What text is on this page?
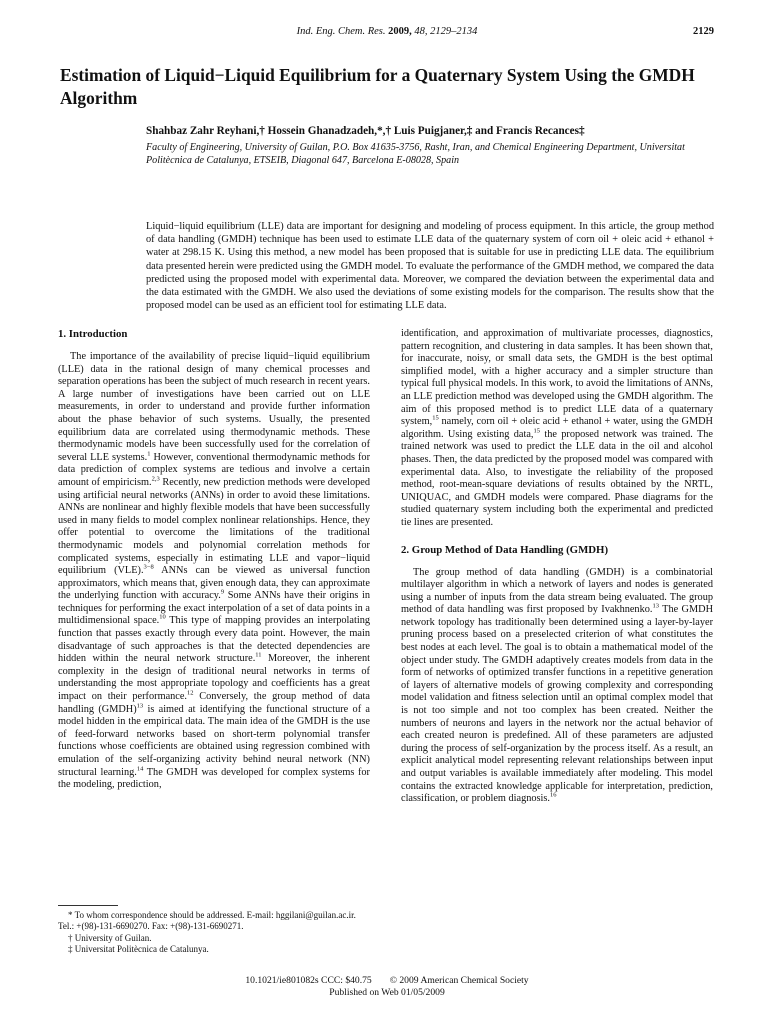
Ind. Eng. Chem. Res. 2009, 48, 2129–2134	2129
Estimation of Liquid−Liquid Equilibrium for a Quaternary System Using the GMDH Algorithm
Shahbaz Zahr Reyhani,† Hossein Ghanadzadeh,*,† Luis Puigjaner,‡ and Francis Recances‡
Faculty of Engineering, University of Guilan, P.O. Box 41635-3756, Rasht, Iran, and Chemical Engineering Department, Universitat Politècnica de Catalunya, ETSEIB, Diagonal 647, Barcelona E-08028, Spain
Liquid−liquid equilibrium (LLE) data are important for designing and modeling of process equipment. In this article, the group method of data handling (GMDH) technique has been used to estimate LLE data of the quaternary system of corn oil + oleic acid + ethanol + water at 298.15 K. Using this method, a new model has been proposed that is suitable for use in predicting LLE data. The equilibrium data presented herein were predicted using the GMDH model. To evaluate the performance of the GMDH method, we compared the data predicted using the proposed model with experimental data. Moreover, we compared the deviation between the experimental data and the data estimated with the GMDH. We also used the deviations of some existing models for the comparison. The results show that the proposed model can be used as an efficient tool for estimating LLE data.
1. Introduction

The importance of the availability of precise liquid−liquid equilibrium (LLE) data in the rational design of many chemical processes and separation operations has been the subject of much research in recent years. A large number of investigations have been carried out on LLE measurements, in order to understand and provide further information about the phase behavior of such systems. Usually, the presented equilibrium data are correlated using thermodynamic methods. These thermodynamic models have been successfully used for the correlation of several LLE systems.$^1$ However, conventional thermodynamic methods for data prediction of complex systems are tedious and involve a certain amount of empiricism.$^{2,3}$ Recently, new prediction methods were developed using artificial neural networks (ANNs) in order to avoid these limitations. ANNs are nonlinear and highly flexible models that have been successfully used in many fields to model complex nonlinear relationships. Hence, they offer potential to overcome the limitations of the traditional thermodynamic models and polynomial correlation methods for complicated systems, especially in estimating LLE and vapor−liquid equilibrium (VLE).$^{3-8}$ ANNs can be viewed as universal function approximators, which means that, given enough data, they can approximate the underlying function with accuracy.$^9$ Some ANNs have their origins in techniques for performing the exact interpolation of a set of data points in a multidimensional space.$^{10}$ This type of mapping provides an interpolating function that passes exactly through every data point. However, the main disadvantage of such approaches is that the detected dependencies are hidden within the neural network structure.$^{11}$ Moreover, the inherent complexity in the design of traditional neural networks in terms of understanding the most appropriate topology and coefficients has a great impact on their performance.$^{12}$ Conversely, the group method of data handling (GMDH)$^{13}$ is aimed at identifying the functional structure of a model hidden in the empirical data. The main idea of the GMDH is the use of feed-forward networks based on short-term polynomial transfer functions whose coefficients are obtained using regression combined with emulation of the self-organizing activity behind neural network (NN) structural learning.$^{14}$ The GMDH was developed for complex systems for the modeling, prediction,

* To whom correspondence should be addressed. E-mail: hggilani@guilan.ac.ir. Tel.: +(98)-131-6690270. Fax: +(98)-131-6690271.
† University of Guilan.
‡ Universitat Politècnica de Catalunya.

identification, and approximation of multivariate processes, diagnostics, pattern recognition, and clustering in data samples. It has been shown that, for inaccurate, noisy, or small data sets, the GMDH is the best optimal simplified model, with a higher accuracy and a simpler structure than typical full physical models. In this work, to avoid the limitations of ANNs, an LLE prediction method was developed using the GMDH algorithm. The aim of this proposed method is to predict LLE data of a quaternary system,$^{15}$ namely, corn oil + oleic acid + ethanol + water, using the GMDH algorithm. Using existing data,$^{15}$ the proposed network was trained. The trained network was used to predict the LLE data in the oil and alcohol phases. Then, the data predicted by the proposed model was compared with experimental data. Also, to investigate the reliability of the proposed method, root-mean-square deviations of results obtained by the NRTL, UNIQUAC, and GMDH models were compared. Phase diagrams for the studied quaternary system including both the experimental and predicted tie lines are presented.

2. Group Method of Data Handling (GMDH)

The group method of data handling (GMDH) is a combinatorial multilayer algorithm in which a network of layers and nodes is generated using a number of inputs from the data stream being evaluated. The group method of data handling was first proposed by Ivakhnenko.$^{13}$ The GMDH network topology has traditionally been determined using a layer-by-layer pruning process based on a preselected criterion of what constitutes the best nodes at each level. The goal is to obtain a mathematical model of the object under study. The GMDH adaptively creates models from data in the form of networks of optimized transfer functions in a repetitive generation of layers of alternative models of growing complexity and corresponding model validation and fitness selection until an optimal complex model that is not too simple and not too complex has been created. Neither the numbers of neurons and layers in the network nor the actual behavior of each created neuron is predefined. All of these parameters are adjusted during the process of self-organization by the process itself. As a result, an explicit analytical model representing relevant relationships between input and output variables is available immediately after modeling. This model contains the extracted knowledge applicable for interpretation, prediction, classification, or problem diagnosis.$^{16}$

10.1021/ie801082s CCC: $40.75 © 2009 American Chemical Society
Published on Web 01/05/2009
